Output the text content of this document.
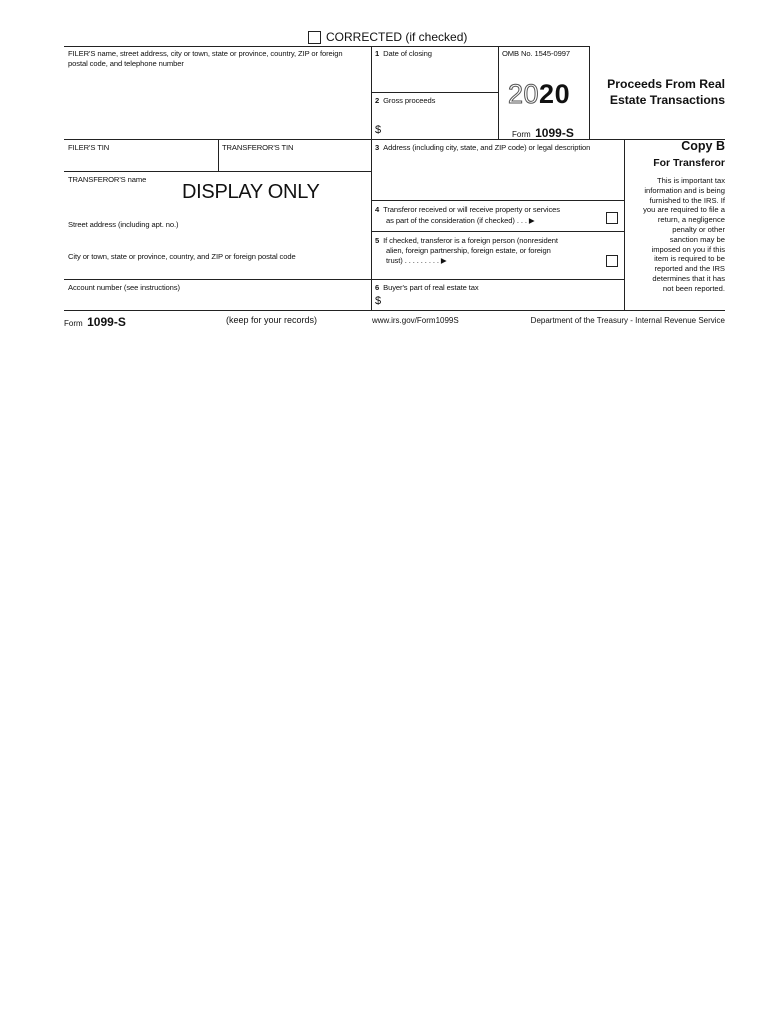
CORRECTED (if checked)
FILER'S name, street address, city or town, state or province, country, ZIP or foreign postal code, and telephone number
1 Date of closing	OMB No. 1545-0997
2020
Form 1099-S
Proceeds From Real
Estate Transactions
2 Gross proceeds
$
FILER'S TIN	TRANSFEROR'S TIN	3 Address (including city, state, and ZIP code) or legal description	Copy B
For Transferor
TRANSFEROR'S name
DISPLAY ONLY
Street address (including apt. no.)
City or town, state or province, country, and ZIP or foreign postal code
Account number (see instructions)
4 Transferor received or will receive property or services
as part of the consideration (if checked) . . . ▶
5 If checked, transferor is a foreign person (nonresident
alien, foreign partnership, foreign estate, or foreign
trust) . . . . . . . . . ▶
6 Buyer's part of real estate tax
$
This is important tax
information and is being
furnished to the IRS. If
you are required to file a
return, a negligence
penalty or other
sanction may be
imposed on you if this
item is required to be
reported and the IRS
determines that it has
not been reported.
Form 1099-S	(keep for your records)	www.irs.gov/Form1099S	Department of the Treasury - Internal Revenue Service
